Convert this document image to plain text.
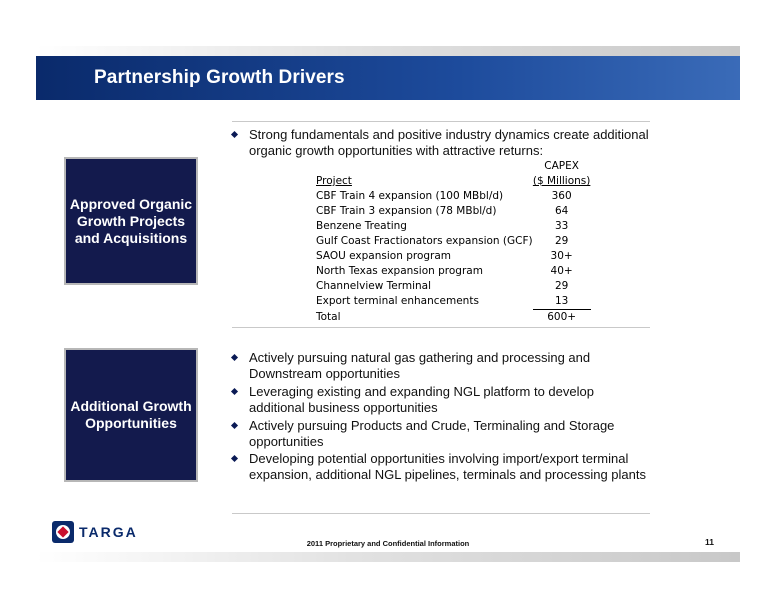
Partnership Growth Drivers
Approved Organic
Growth Projects
and Acquisitions
Strong fundamentals and positive industry dynamics create additional organic growth opportunities with attractive returns:
	CAPEX
Project	($ Millions)
CBF Train 4 expansion (100 MBbl/d)	360
CBF Train 3 expansion (78 MBbl/d)	64
Benzene Treating	33
Gulf Coast Fractionators expansion (GCF)	29
SAOU expansion program	30+
North Texas expansion program	40+
Channelview Terminal	29
Export terminal enhancements	13
Total	600+
Additional Growth
Opportunities
Actively pursuing natural gas gathering and processing and Downstream opportunities
Leveraging existing and expanding NGL platform to develop additional business opportunities
Actively pursuing Products and Crude, Terminaling and Storage opportunities
Developing potential opportunities involving import/export terminal expansion, additional NGL pipelines, terminals and processing plants
TARGA
2011 Proprietary and Confidential Information	11
